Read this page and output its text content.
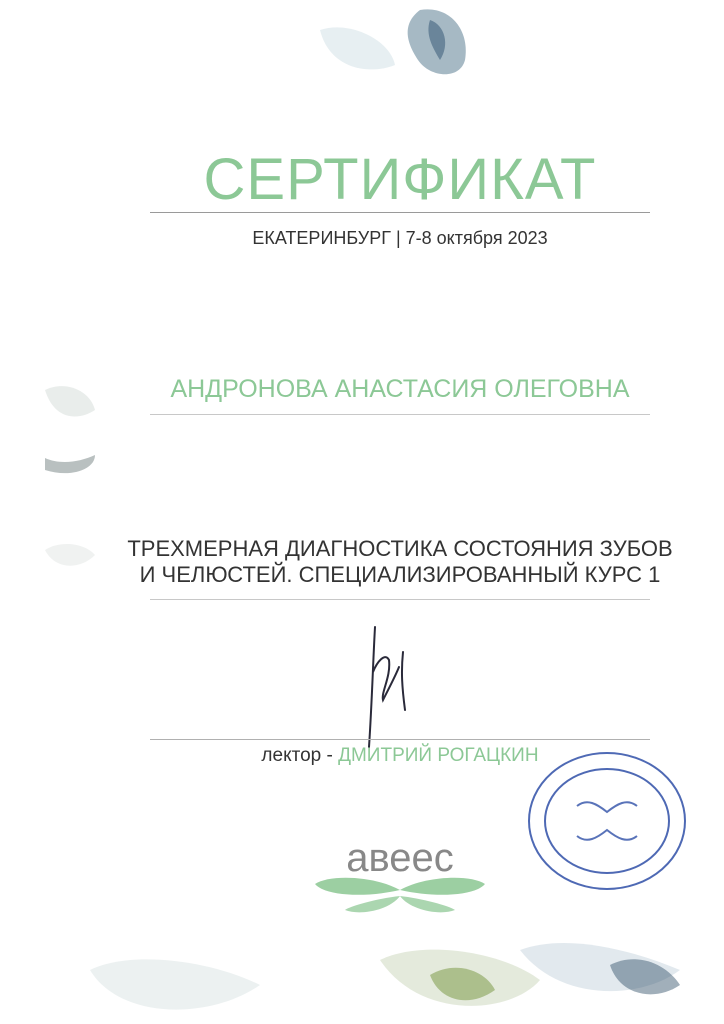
СЕРТИФИКАТ
ЕКАТЕРИНБУРГ | 7-8 октября 2023
АНДРОНОВА АНАСТАСИЯ ОЛЕГОВНА
ТРЕХМЕРНАЯ ДИАГНОСТИКА СОСТОЯНИЯ ЗУБОВ
И ЧЕЛЮСТЕЙ. СПЕЦИАЛИЗИРОВАННЫЙ КУРС 1
лектор - ДМИТРИЙ РОГАЦКИН
авеес
